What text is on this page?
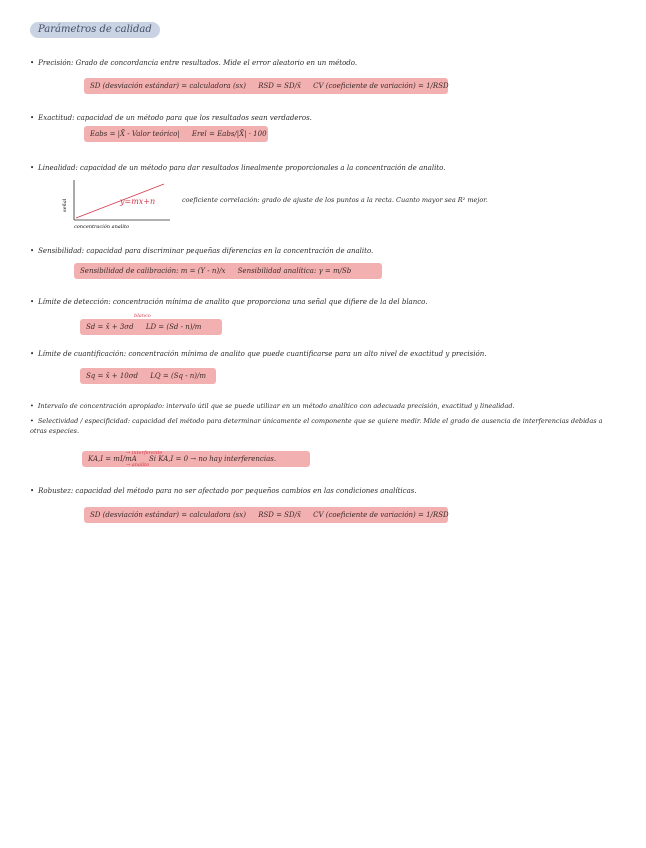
Parámetros de calidad
• Precisión: Grado de concordancia entre resultados. Mide el error aleatorio en un método.
SD (desviación estándar) = calculadora (sx) RSD = SD/x̄ CV (coeficiente de variación) = 1/RSD
• Exactitud: capacidad de un método para que los resultados sean verdaderos.
Eabs = |X̄ - Valor teórico| Erel = Eabs/|X̄| · 100
• Linealidad: capacidad de un método para dar resultados linealmente proporcionales a la concentración de analito.
y=mx+n
señal
concentración analito
coeficiente correlación: grado de ajuste de los puntos a la recta. Cuanto mayor sea R² mejor.
• Sensibilidad: capacidad para discriminar pequeñas diferencias en la concentración de analito.
Sensibilidad de calibración: m = (Y - n)/x Sensibilidad analítica: γ = m/Sb
• Límite de detección: concentración mínima de analito que proporciona una señal que difiere de la del blanco.
blanco
Sd = x̄ + 3σd LD = (Sd - n)/m
• Límite de cuantificación: concentración mínima de analito que puede cuantificarse para un alto nivel de exactitud y precisión.
Sq = x̄ + 10σd LQ = (Sq - n)/m
• Intervalo de concentración apropiado: intervalo útil que se puede utilizar en un método analítico con adecuada precisión, exactitud y linealidad.
• Selectividad / especificidad: capacidad del método para determinar únicamente el componente que se quiere medir. Mide el grado de ausencia de interferencias debidas a otras especies.
KA,I = mI/mA Si KA,I = 0 → no hay interferencias.
→ interferente
→ analito
• Robustez: capacidad del método para no ser afectado por pequeños cambios en las condiciones analíticas.
SD (desviación estándar) = calculadora (sx) RSD = SD/x̄ CV (coeficiente de variación) = 1/RSD
